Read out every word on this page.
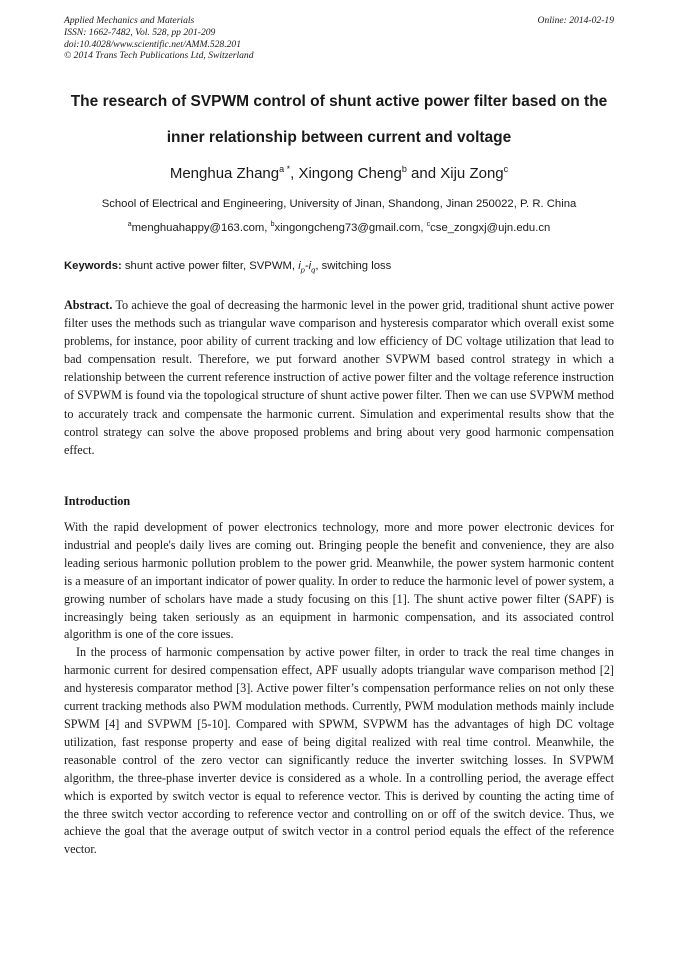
Applied Mechanics and Materials
ISSN: 1662-7482, Vol. 528, pp 201-209
doi:10.4028/www.scientific.net/AMM.528.201
© 2014 Trans Tech Publications Ltd, Switzerland
Online: 2014-02-19
The research of SVPWM control of shunt active power filter based on the
inner relationship between current and voltage
Menghua Zhang$^{a *}$, Xingong Cheng$^b$ and Xiju Zong$^c$
School of Electrical and Engineering, University of Jinan, Shandong, Jinan 250022, P. R. China
$^a$menghuahappy@163.com, $^b$xingongcheng73@gmail.com, $^c$cse_zongxj@ujn.edu.cn
Keywords: shunt active power filter, SVPWM, $i_p-i_q$, switching loss
Abstract. To achieve the goal of decreasing the harmonic level in the power grid, traditional shunt active power filter uses the methods such as triangular wave comparison and hysteresis comparator which overall exist some problems, for instance, poor ability of current tracking and low efficiency of DC voltage utilization that lead to bad compensation result. Therefore, we put forward another SVPWM based control strategy in which a relationship between the current reference instruction of active power filter and the voltage reference instruction of SVPWM is found via the topological structure of shunt active power filter. Then we can use SVPWM method to accurately track and compensate the harmonic current. Simulation and experimental results show that the control strategy can solve the above proposed problems and bring about very good harmonic compensation effect.
Introduction

With the rapid development of power electronics technology, more and more power electronic devices for industrial and people's daily lives are coming out. Bringing people the benefit and convenience, they are also leading serious harmonic pollution problem to the power grid. Meanwhile, the power system harmonic content is a measure of an important indicator of power quality. In order to reduce the harmonic level of power system, a growing number of scholars have made a study focusing on this [1]. The shunt active power filter (SAPF) is increasingly being taken seriously as an equipment in harmonic compensation, and its associated control algorithm is one of the core issues.

In the process of harmonic compensation by active power filter, in order to track the real time changes in harmonic current for desired compensation effect, APF usually adopts triangular wave comparison method [2] and hysteresis comparator method [3]. Active power filter’s compensation performance relies on not only these current tracking methods also PWM modulation methods. Currently, PWM modulation methods mainly include SPWM [4] and SVPWM [5-10]. Compared with SPWM, SVPWM has the advantages of high DC voltage utilization, fast response property and ease of being digital realized with real time control. Meanwhile, the reasonable control of the zero vector can significantly reduce the inverter switching losses. In SVPWM algorithm, the three-phase inverter device is considered as a whole. In a controlling period, the average effect which is exported by switch vector is equal to reference vector. This is derived by counting the acting time of the three switch vector according to reference vector and controlling on or off of the switch device. Thus, we achieve the goal that the average output of switch vector in a control period equals the effect of the reference vector.
